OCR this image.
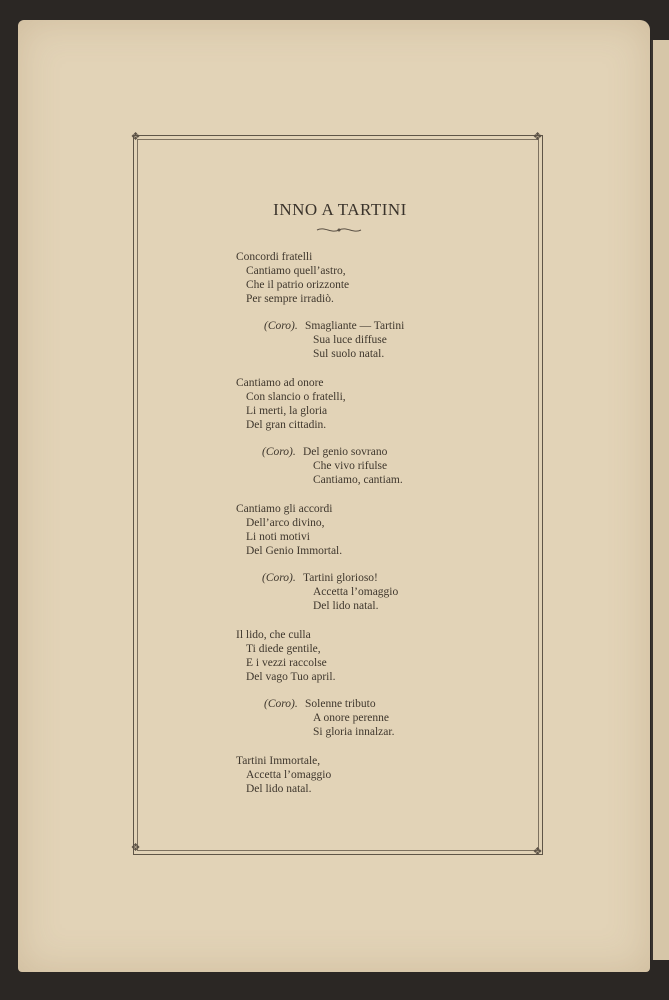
❖	❖
❖	❖
INNO A TARTINI
Concordi fratelli
Cantiamo quell’astro,
Che il patrio orizzonte
Per sempre irradiò.
(Coro). Smagliante — Tartini
Sua luce diffuse
Sul suolo natal.
Cantiamo ad onore
Con slancio o fratelli,
Li merti, la gloria
Del gran cittadin.
(Coro). Del genio sovrano
Che vivo rifulse
Cantiamo, cantiam.
Cantiamo gli accordi
Dell’arco divino,
Li noti motivi
Del Genio Immortal.
(Coro). Tartini glorioso!
Accetta l’omaggio
Del lido natal.
Il lido, che culla
Ti diede gentile,
E i vezzi raccolse
Del vago Tuo april.
(Coro). Solenne tributo
A onore perenne
Si gloria innalzar.
Tartini Immortale,
Accetta l’omaggio
Del lido natal.
